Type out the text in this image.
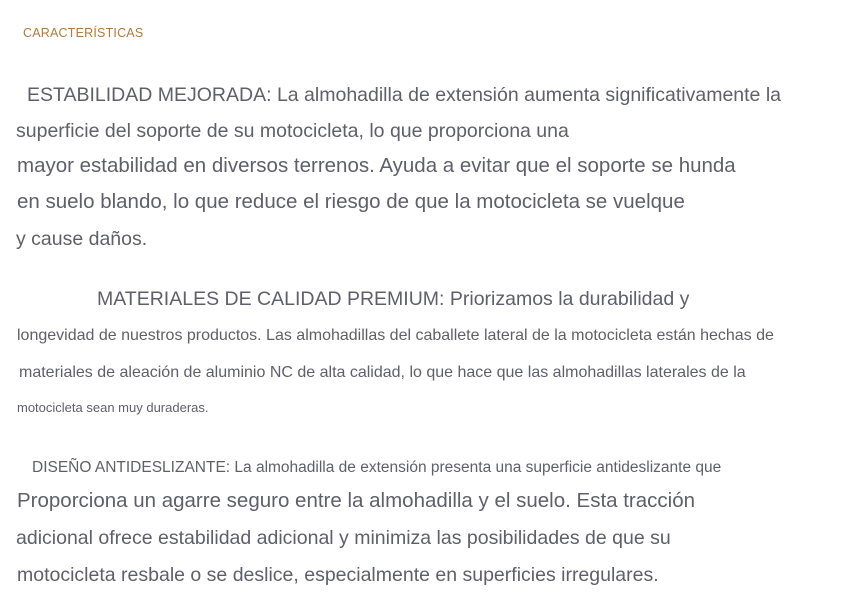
CARACTERÍSTICAS
ESTABILIDAD MEJORADA: La almohadilla de extensión aumenta significativamente la
superficie del soporte de su motocicleta, lo que proporciona una
mayor estabilidad en diversos terrenos. Ayuda a evitar que el soporte se hunda
en suelo blando, lo que reduce el riesgo de que la motocicleta se vuelque
y cause daños.
MATERIALES DE CALIDAD PREMIUM: Priorizamos la durabilidad y
longevidad de nuestros productos. Las almohadillas del caballete lateral de la motocicleta están hechas de
materiales de aleación de aluminio NC de alta calidad, lo que hace que las almohadillas laterales de la
motocicleta sean muy duraderas.
DISEÑO ANTIDESLIZANTE: La almohadilla de extensión presenta una superficie antideslizante que
Proporciona un agarre seguro entre la almohadilla y el suelo. Esta tracción
adicional ofrece estabilidad adicional y minimiza las posibilidades de que su
motocicleta resbale o se deslice, especialmente en superficies irregulares.
